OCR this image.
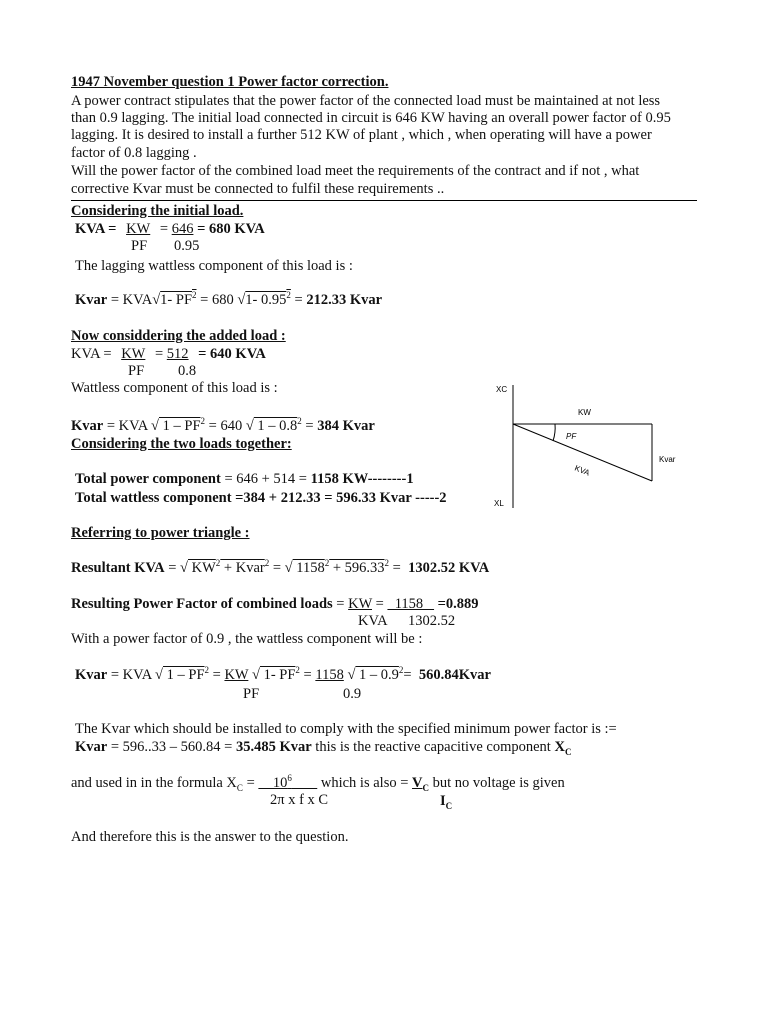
1947 November question 1 Power factor correction.
A power contract stipulates that the power factor of the connected load must be maintained at not less
than 0.9 lagging. The initial load connected in circuit is 646 KW having an overall power factor of 0.95
lagging. It is desired to install a further 512 KW of plant , which , when operating will have a power
factor of 0.8 lagging .
Will the power factor of the combined load meet the requirements of the contract and if not , what
corrective Kvar must be connected to fulfil these requirements ..
Considering the initial load.
KVA = KW = 646 = 680 KVA
PF 0.95
The lagging wattless component of this load is :
Kvar = KVA√1- $PF^2 = 680$ √1- $0.95^2 = 212.33$ Kvar
Now considdering the added load :
KVA = KW = 512 = 640 KVA
PF 0.8
Wattless component of this load is :
Kvar = KVA √ $1 - PF^2 = 640$ √ $1 - 0.8^2 = 384$ Kvar
Considering the two loads together:
Total power component = 646 + 514 = 1158 KW--------1
Total wattless component =384 + 212.33 = 596.33 Kvar -----2
Referring to power triangle :
Resultant KVA = √ $KW^2$ + Kvar$^2$ = √ $1158^2 + 596.33^2 = 1302.52$ KVA
Resulting Power Factor of combined loads = KW =   1158    =0.889
KVA 1302.52
With a power factor of 0.9 , the wattless component will be :
Kvar = KVA √ $1 - PF^2$ = KW √ 1- $PF^2 = 1158$ √ $1 - 0.9^2=$  560.84Kvar
PF	0.9
The Kvar which should be installed to comply with the specified minimum power factor is :=
Kvar = 596..33 – 560.84 = 35.485 Kvar this is the reactive capacitive component $X_C$
and used in in the formula $X_C$ =     $10^6$        which is also = $V_C$ but no voltage is given
2π x f x C	$I_C$
And therefore this is the answer to the question.
XC
XL
KW
PF
Kvar
KVA
